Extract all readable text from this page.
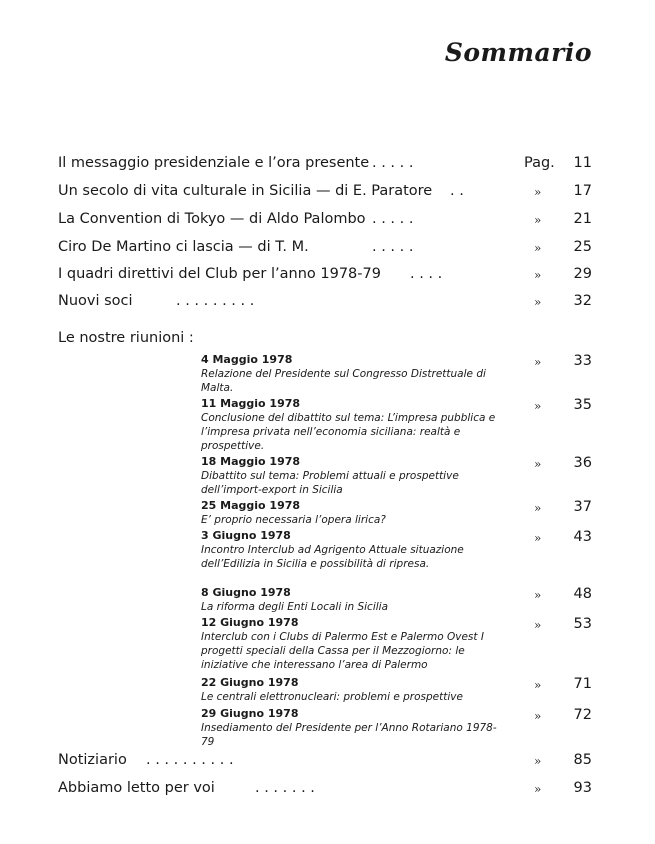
Sommario
Il messaggio presidenziale e l’ora presente . . . . .	Pag. 11
Un secolo di vita culturale in Sicilia — di E. Paratore . .	» 17
La Convention di Tokyo — di Aldo Palombo . . . . .	» 21
Ciro De Martino ci lascia — di T. M.	. . . . .	» 25
I quadri direttivi del Club per l’anno 1978-79 . . . .	» 29
Nuovi soci	. . . . . . . . .	» 32
Le nostre riunioni :
4 Maggio 1978
Relazione del Presidente sul Congresso Distrettuale di Malta.
» 33
11 Maggio 1978
Conclusione del dibattito sul tema: L’impresa pubblica e l’impresa privata nell’economia siciliana: realtà e prospettive.
» 35
18 Maggio 1978
Dibattito sul tema: Problemi attuali e prospettive dell’import-export in Sicilia
» 36
25 Maggio 1978
E’ proprio necessaria l’opera lirica?
» 37
3 Giugno 1978
Incontro Interclub ad Agrigento Attuale situazione dell’Edilizia in Sicilia e possibilità di ripresa.
» 43
8 Giugno 1978
La riforma degli Enti Locali in Sicilia
» 48
12 Giugno 1978
Interclub con i Clubs di Palermo Est e Palermo Ovest I progetti speciali della Cassa per il Mezzogiorno: le iniziative che interessano l’area di Palermo
» 53
22 Giugno 1978
Le centrali elettronucleari: problemi e prospettive
» 71
29 Giugno 1978
Insediamento del Presidente per l’Anno Rotariano 1978-79
» 72
Notiziario . . . . . . . . . .	» 85
Abbiamo letto per voi	. . . . . . .	» 93
